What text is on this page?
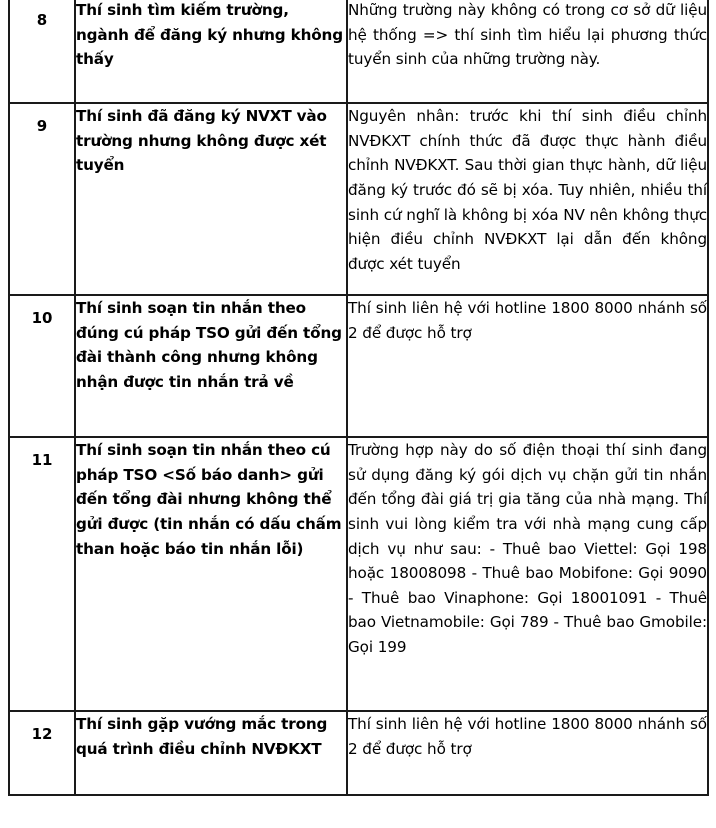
8	Thí sinh tìm kiếm trường, ngành để đăng ký nhưng không thấy	Những trường này không có trong cơ sở dữ liệu hệ thống => thí sinh tìm hiểu lại phương thức tuyển sinh của những trường này.

9	Thí sinh đã đăng ký NVXT vào trường nhưng không được xét tuyển	Nguyên nhân: trước khi thí sinh điều chỉnh NVĐKXT chính thức đã được thực hành điều chỉnh NVĐKXT. Sau thời gian thực hành, dữ liệu đăng ký trước đó sẽ bị xóa. Tuy nhiên, nhiều thí sinh cứ nghĩ là không bị xóa NV nên không thực hiện điều chỉnh NVĐKXT lại dẫn đến không được xét tuyển

10	Thí sinh soạn tin nhắn theo đúng cú pháp TSO gửi đến tổng đài thành công nhưng không nhận được tin nhắn trả về	Thí sinh liên hệ với hotline 1800 8000 nhánh số 2 để được hỗ trợ

11	Thí sinh soạn tin nhắn theo cú pháp TSO <Số báo danh> gửi đến tổng đài nhưng không thể gửi được (tin nhắn có dấu chấm than hoặc báo tin nhắn lỗi)	Trường hợp này do số điện thoại thí sinh đang sử dụng đăng ký gói dịch vụ chặn gửi tin nhắn đến tổng đài giá trị gia tăng của nhà mạng. Thí sinh vui lòng kiểm tra với nhà mạng cung cấp dịch vụ như sau: - Thuê bao Viettel: Gọi 198 hoặc 18008098 - Thuê bao Mobifone: Gọi 9090 - Thuê bao Vinaphone: Gọi 18001091 - Thuê bao Vietnamobile: Gọi 789 - Thuê bao Gmobile: Gọi 199

12	Thí sinh gặp vướng mắc trong quá trình điều chỉnh NVĐKXT	Thí sinh liên hệ với hotline 1800 8000 nhánh số 2 để được hỗ trợ
